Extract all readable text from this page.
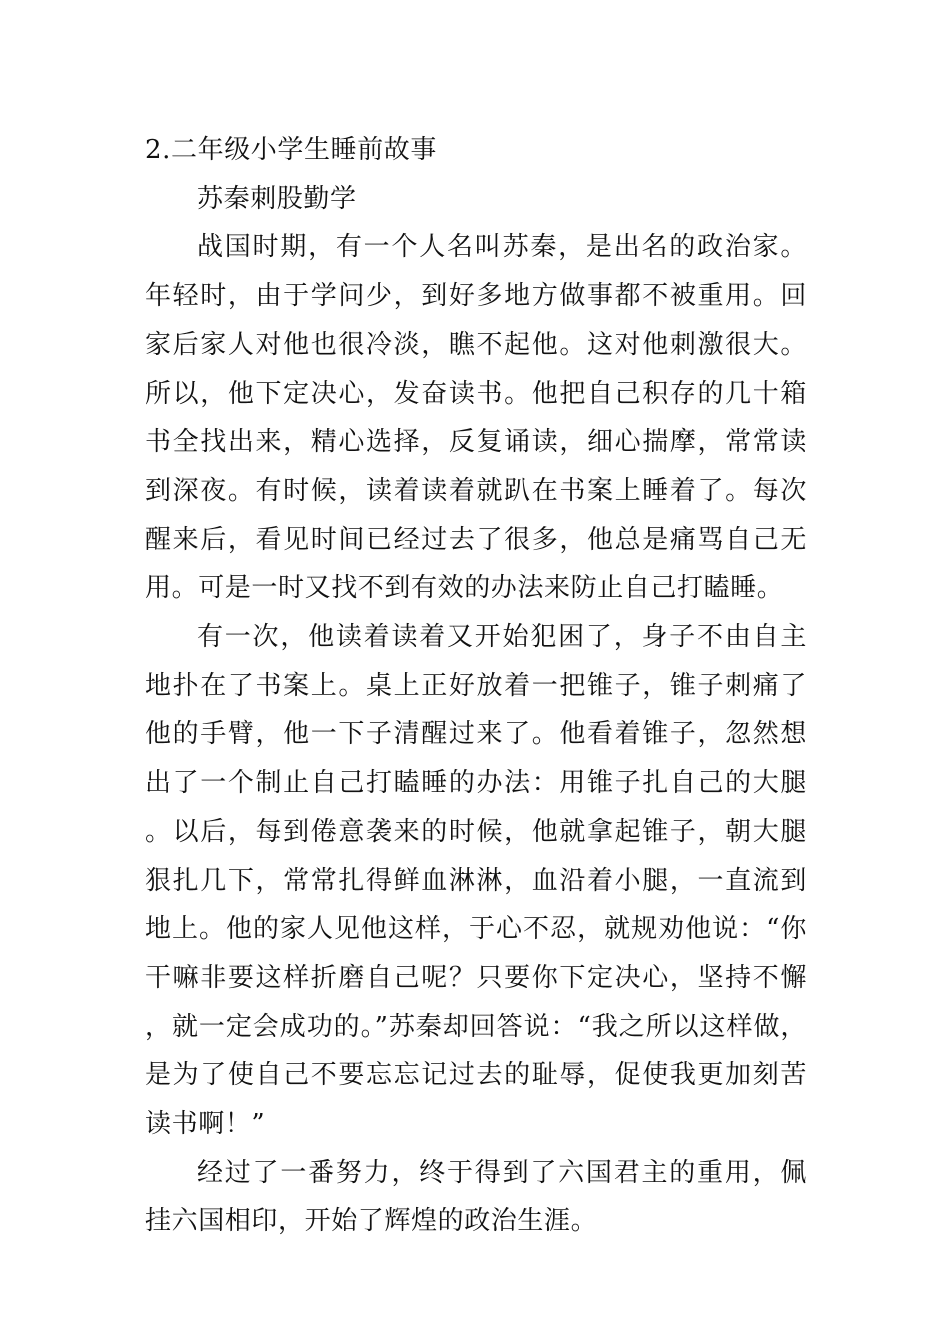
2.二年级小学生睡前故事

苏秦刺股勤学

战国时期，有一个人名叫苏秦，是出名的政治家。年轻时，由于学问少，到好多地方做事都不被重用。回家后家人对他也很冷淡，瞧不起他。这对他刺激很大。所以，他下定决心，发奋读书。他把自己积存的几十箱书全找出来，精心选择，反复诵读，细心揣摩，常常读到深夜。有时候，读着读着就趴在书案上睡着了。每次醒来后，看见时间已经过去了很多，他总是痛骂自己无用。可是一时又找不到有效的办法来防止自己打瞌睡。

有一次，他读着读着又开始犯困了，身子不由自主地扑在了书案上。桌上正好放着一把锥子，锥子刺痛了他的手臂，他一下子清醒过来了。他看着锥子，忽然想出了一个制止自己打瞌睡的办法：用锥子扎自己的大腿。以后，每到倦意袭来的时候，他就拿起锥子，朝大腿狠扎几下，常常扎得鲜血淋淋，血沿着小腿，一直流到地上。他的家人见他这样，于心不忍，就规劝他说：“你干嘛非要这样折磨自己呢？只要你下定决心，坚持不懈，就一定会成功的。”苏秦却回答说：“我之所以这样做，是为了使自己不要忘忘记过去的耻辱，促使我更加刻苦读书啊！”

经过了一番努力，终于得到了六国君主的重用，佩挂六国相印，开始了辉煌的政治生涯。
